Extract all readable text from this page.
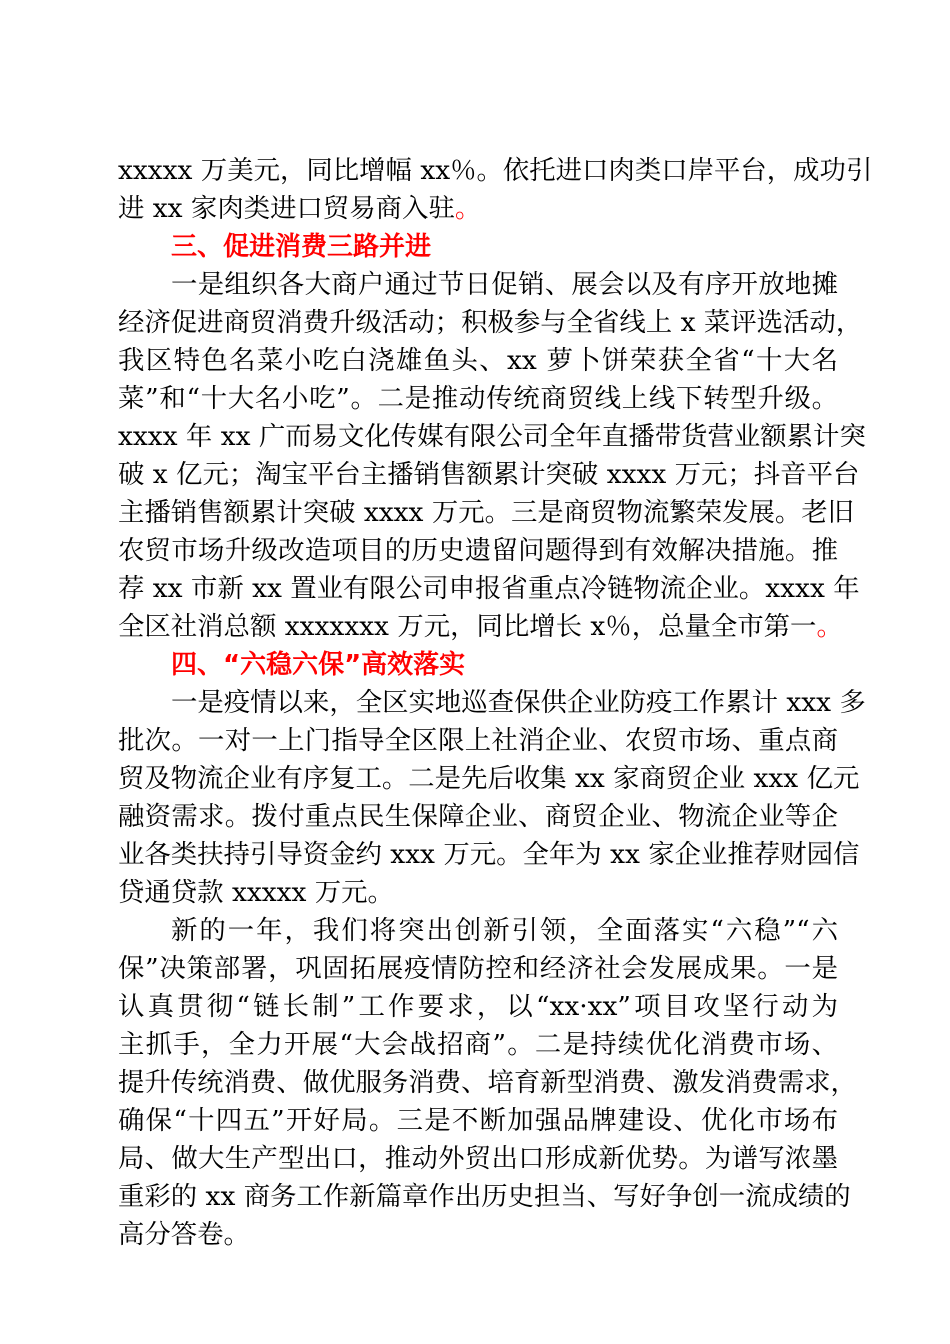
xxxxx 万美元，同比增幅 xx％。依托进口肉类口岸平台，成功引
进 xx 家肉类进口贸易商入驻。
三、促进消费三路并进
一是组织各大商户通过节日促销、展会以及有序开放地摊
经济促进商贸消费升级活动；积极参与全省线上 x 菜评选活动，
我区特色名菜小吃白浇雄鱼头、xx 萝卜饼荣获全省“十大名
菜”和“十大名小吃”。二是推动传统商贸线上线下转型升级。
xxxx 年 xx 广而易文化传媒有限公司全年直播带货营业额累计突
破 x 亿元；淘宝平台主播销售额累计突破 xxxx 万元；抖音平台
主播销售额累计突破 xxxx 万元。三是商贸物流繁荣发展。老旧
农贸市场升级改造项目的历史遗留问题得到有效解决措施。推
荐 xx 市新 xx 置业有限公司申报省重点冷链物流企业。xxxx 年
全区社消总额 xxxxxxx 万元，同比增长 x％，总量全市第一。
四、“六稳六保”高效落实
一是疫情以来，全区实地巡查保供企业防疫工作累计 xxx 多
批次。一对一上门指导全区限上社消企业、农贸市场、重点商
贸及物流企业有序复工。二是先后收集 xx 家商贸企业 xxx 亿元
融资需求。拨付重点民生保障企业、商贸企业、物流企业等企
业各类扶持引导资金约 xxx 万元。全年为 xx 家企业推荐财园信
贷通贷款 xxxxx 万元。
新的一年，我们将突出创新引领，全面落实“六稳”“六
保”决策部署，巩固拓展疫情防控和经济社会发展成果。一是
认真贯彻“链长制”工作要求，以“xx·xx”项目攻坚行动为
主抓手，全力开展“大会战招商”。二是持续优化消费市场、
提升传统消费、做优服务消费、培育新型消费、激发消费需求，
确保“十四五”开好局。三是不断加强品牌建设、优化市场布
局、做大生产型出口，推动外贸出口形成新优势。为谱写浓墨
重彩的 xx 商务工作新篇章作出历史担当、写好争创一流成绩的
高分答卷。
